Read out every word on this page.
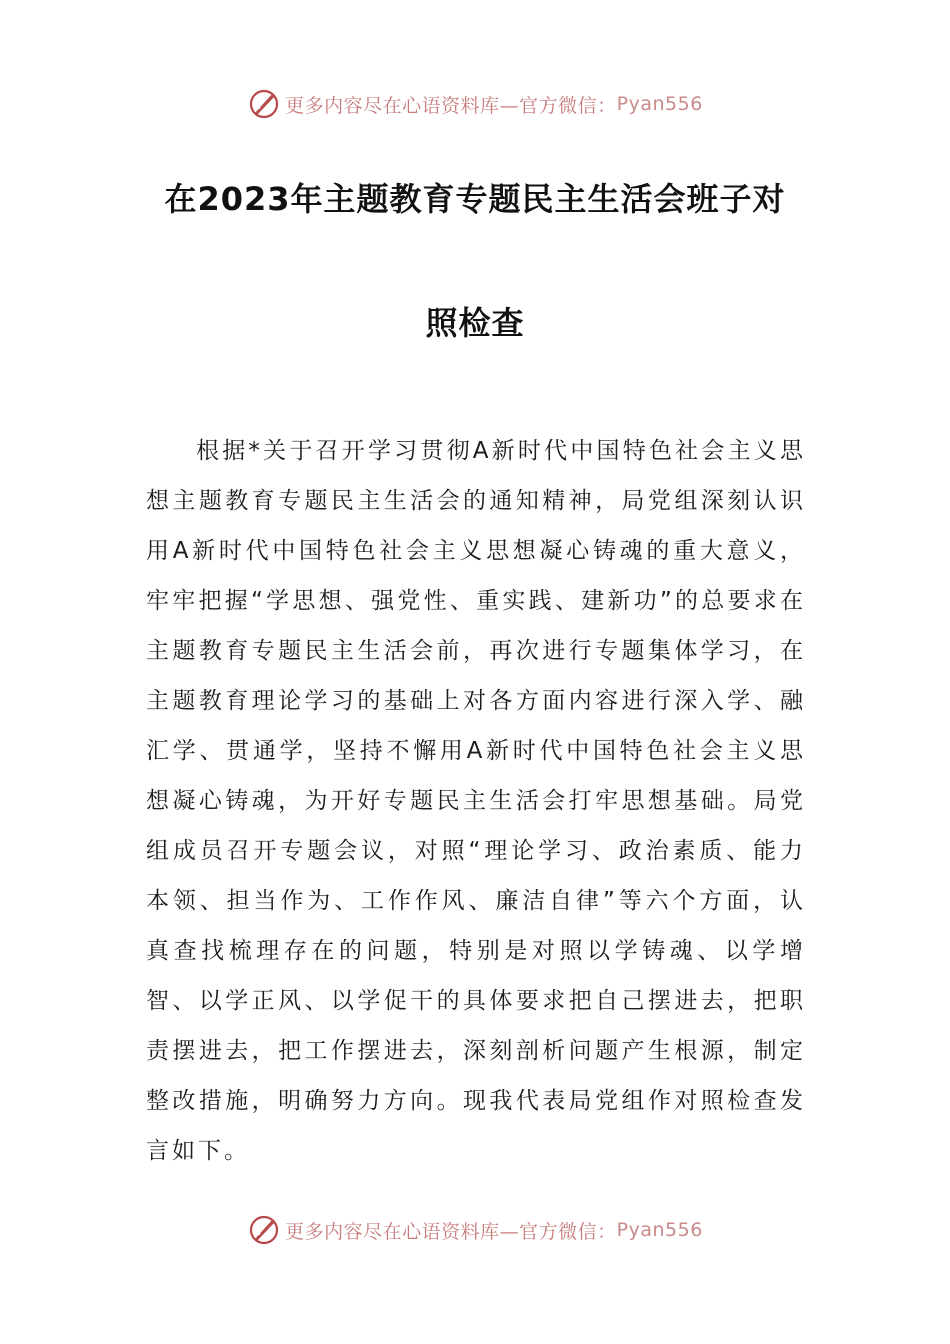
更多内容尽在心语资料库—官方微信： Pyan556
在2023年主题教育专题民主生活会班子对
照检查

根据*关于召开学习贯彻A新时代中国特色社会主义思想主题教育专题民主生活会的通知精神，局党组深刻认识用A新时代中国特色社会主义思想凝心铸魂的重大意义，牢牢把握“学思想、强党性、重实践、建新功”的总要求在主题教育专题民主生活会前，再次进行专题集体学习，在主题教育理论学习的基础上对各方面内容进行深入学、融汇学、贯通学，坚持不懈用A新时代中国特色社会主义思想凝心铸魂，为开好专题民主生活会打牢思想基础。局党组成员召开专题会议，对照“理论学习、政治素质、能力本领、担当作为、工作作风、廉洁自律”等六个方面，认真查找梳理存在的问题，特别是对照以学铸魂、以学增智、以学正风、以学促干的具体要求把自己摆进去，把职责摆进去，把工作摆进去，深刻剖析问题产生根源，制定整改措施，明确努力方向。现我代表局党组作对照检查发言如下。

更多内容尽在心语资料库—官方微信： Pyan556
